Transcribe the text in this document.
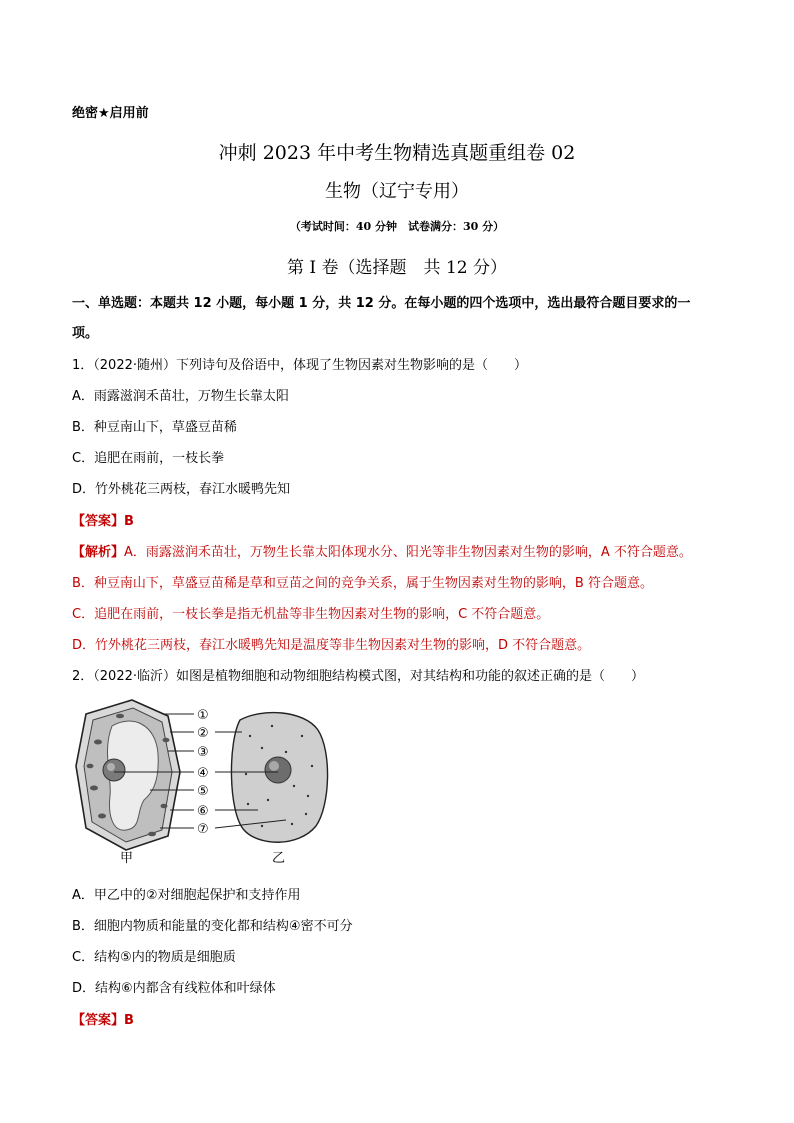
绝密★启用前
冲刺 2023 年中考生物精选真题重组卷 02
生物（辽宁专用）
（考试时间：40 分钟　试卷满分：30 分）
第 I 卷（选择题　共 12 分）
一、单选题：本题共 12 小题，每小题 1 分，共 12 分。在每小题的四个选项中，选出最符合题目要求的一
项。
1．（2022·随州）下列诗句及俗语中，体现了生物因素对生物影响的是（　　）
A．雨露滋润禾苗壮，万物生长靠太阳
B．种豆南山下，草盛豆苗稀
C．追肥在雨前，一枝长拳
D．竹外桃花三两枝，春江水暖鸭先知
【答案】B
【解析】A．雨露滋润禾苗壮，万物生长靠太阳体现水分、阳光等非生物因素对生物的影响，A 不符合题意。
B．种豆南山下，草盛豆苗稀是草和豆苗之间的竞争关系，属于生物因素对生物的影响，B 符合题意。
C．追肥在雨前，一枝长拳是指无机盐等非生物因素对生物的影响，C 不符合题意。
D．竹外桃花三两枝，春江水暖鸭先知是温度等非生物因素对生物的影响，D 不符合题意。
2．（2022·临沂）如图是植物细胞和动物细胞结构模式图，对其结构和功能的叙述正确的是（　　）
①
②
③
④
⑤
⑥
⑦
甲	乙
A．甲乙中的②对细胞起保护和支持作用
B．细胞内物质和能量的变化都和结构④密不可分
C．结构⑤内的物质是细胞质
D．结构⑥内都含有线粒体和叶绿体
【答案】B
